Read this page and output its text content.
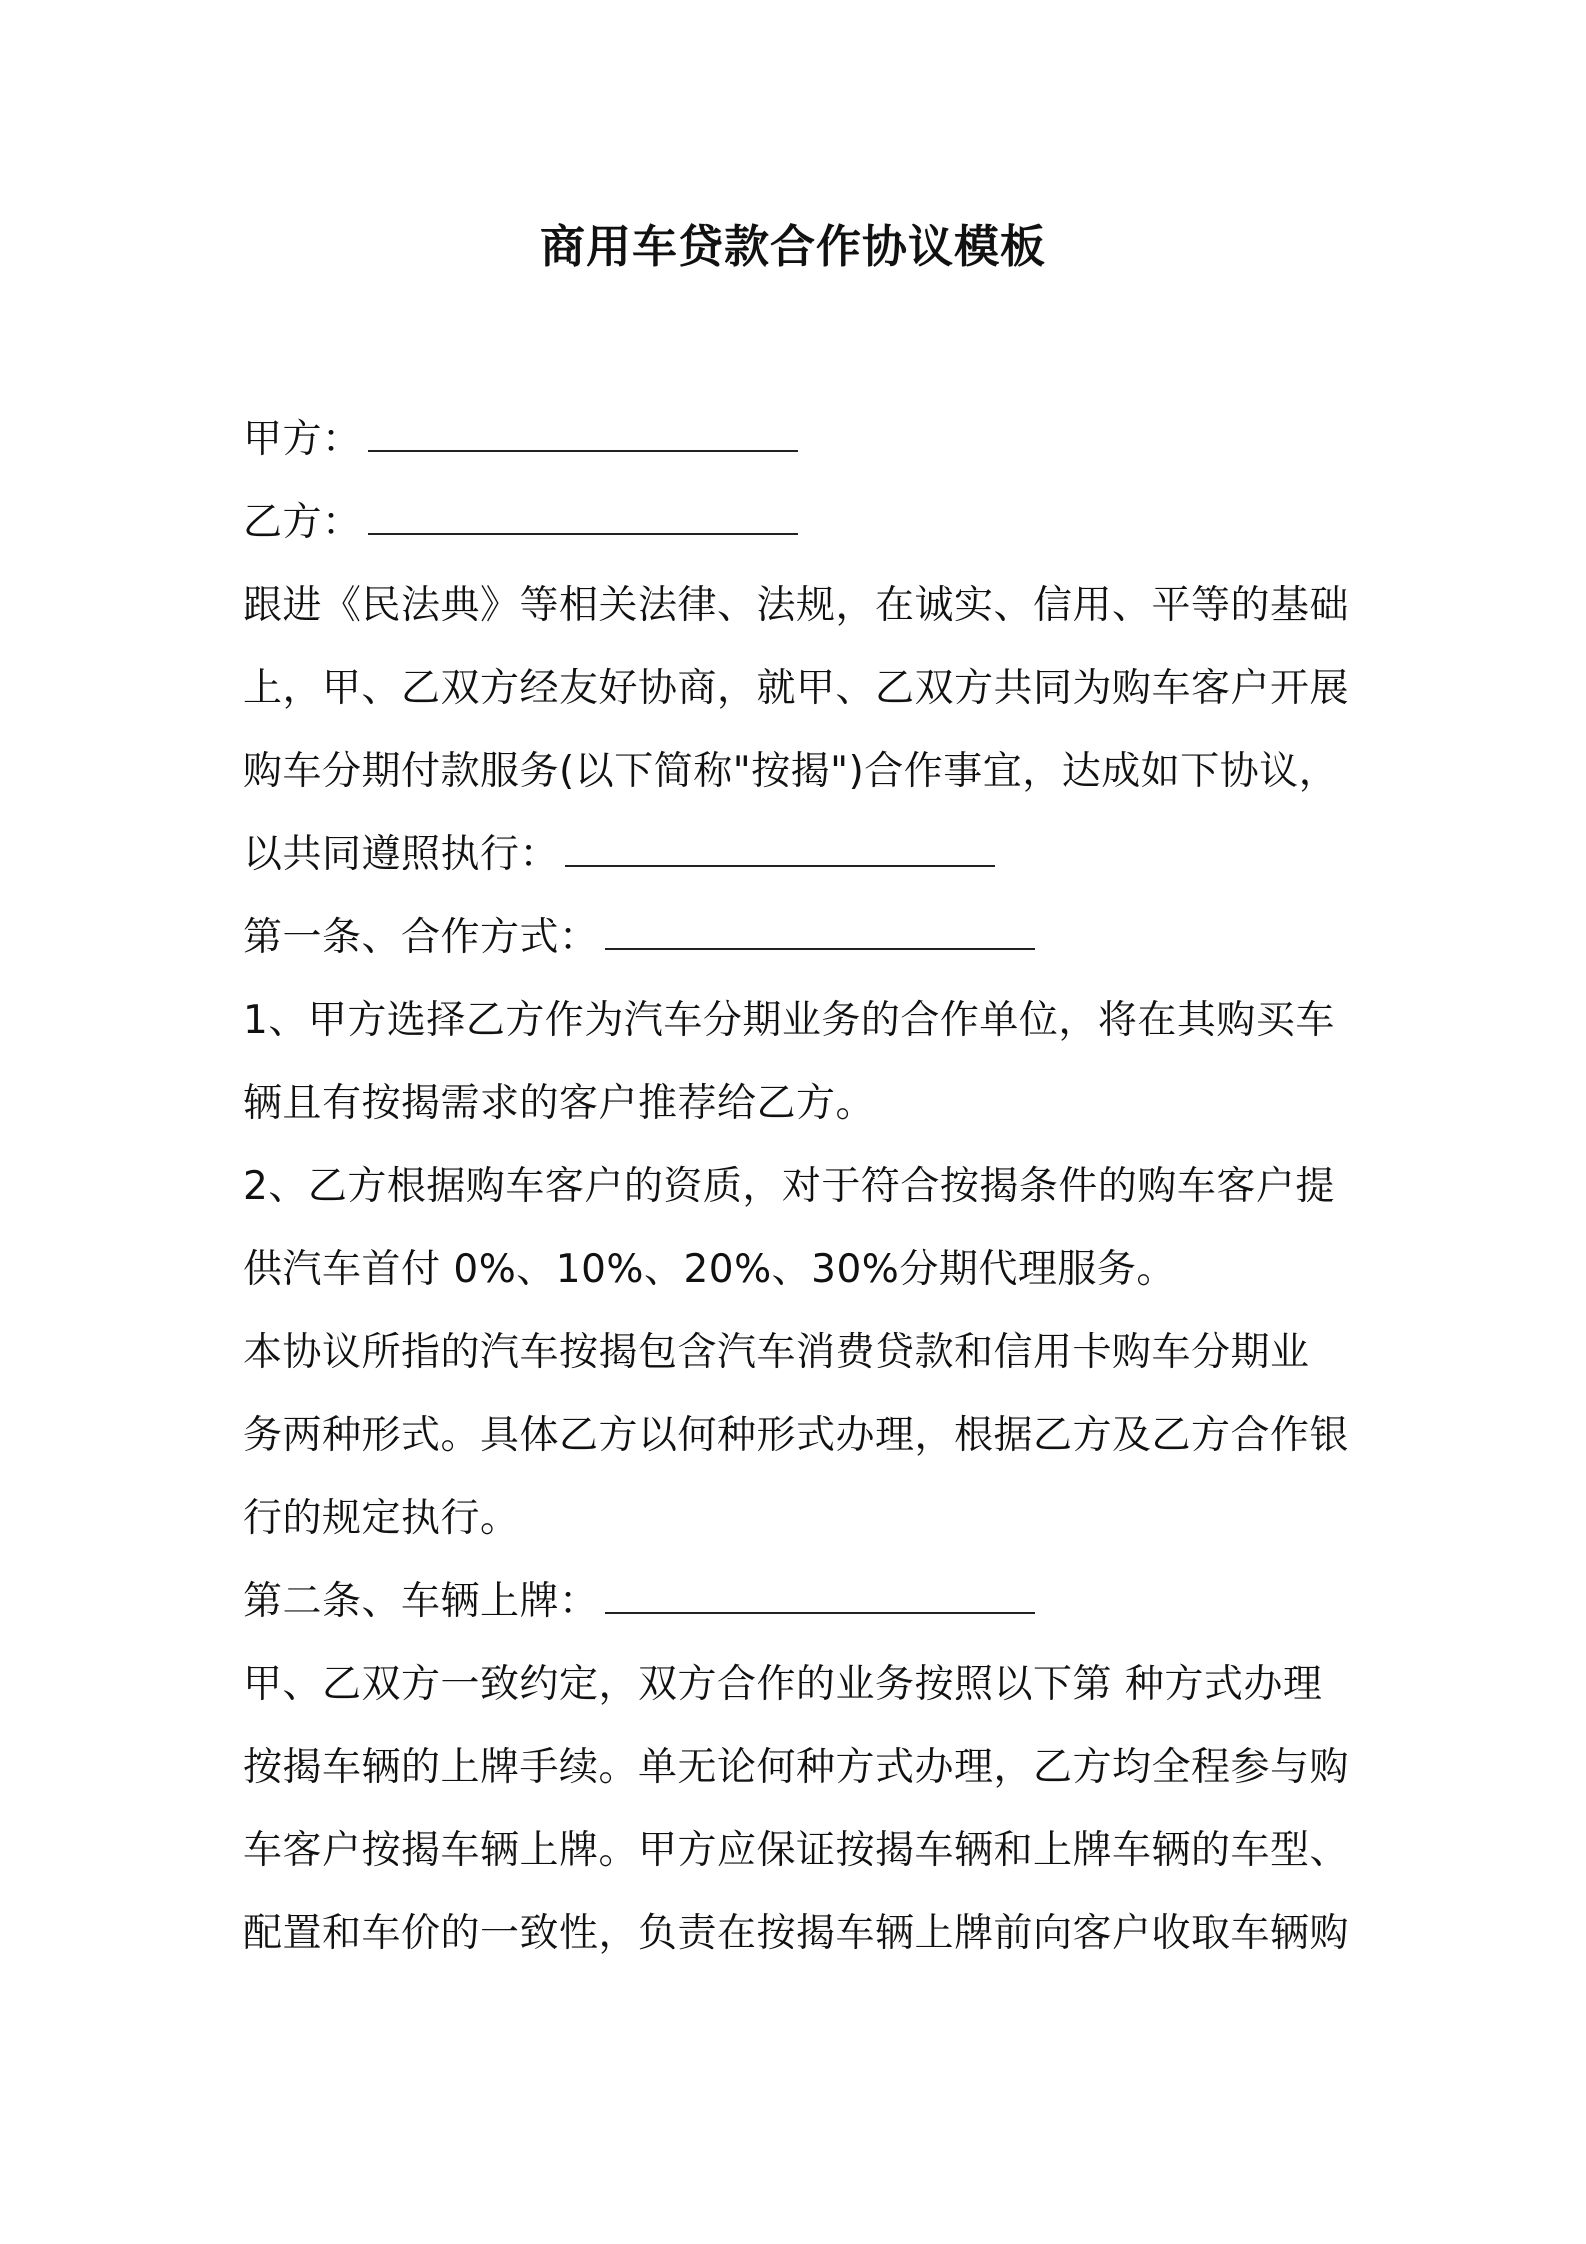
商用车贷款合作协议模板
甲方：
乙方：
跟进《民法典》等相关法律、法规，在诚实、信用、平等的基础
上，甲、乙双方经友好协商，就甲、乙双方共同为购车客户开展
购车分期付款服务(以下简称"按揭")合作事宜，达成如下协议，
以共同遵照执行：
第一条、合作方式：
1、甲方选择乙方作为汽车分期业务的合作单位，将在其购买车
辆且有按揭需求的客户推荐给乙方。
2、乙方根据购车客户的资质，对于符合按揭条件的购车客户提
供汽车首付 0%、10%、20%、30%分期代理服务。
本协议所指的汽车按揭包含汽车消费贷款和信用卡购车分期业
务两种形式。具体乙方以何种形式办理，根据乙方及乙方合作银
行的规定执行。
第二条、车辆上牌：
甲、乙双方一致约定，双方合作的业务按照以下第 种方式办理
按揭车辆的上牌手续。单无论何种方式办理，乙方均全程参与购
车客户按揭车辆上牌。甲方应保证按揭车辆和上牌车辆的车型、
配置和车价的一致性，负责在按揭车辆上牌前向客户收取车辆购
